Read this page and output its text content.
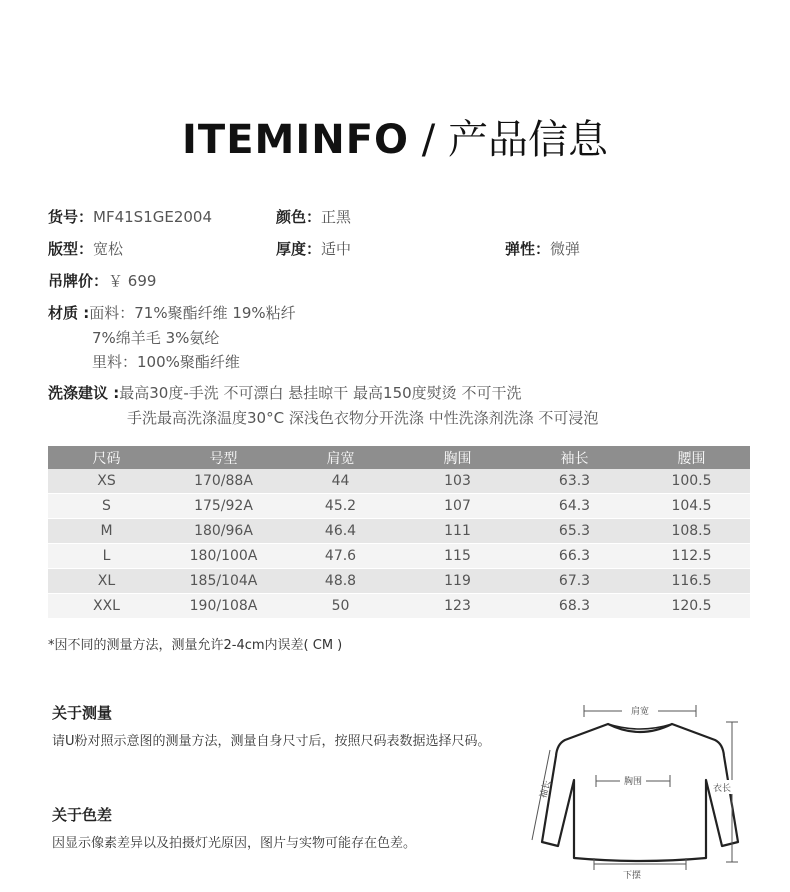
ITEMINFO / 产品信息
货号：MF41S1GE2004	颜色：正黑
版型：宽松	厚度：适中	弹性：微弹
吊牌价：￥ 699
材质 :面料：71%聚酯纤维 19%粘纤
7%绵羊毛 3%氨纶
里料：100%聚酯纤维
洗涤建议 :最高30度-手洗 不可漂白 悬挂晾干 最高150度熨烫 不可干洗
手洗最高洗涤温度30°C 深浅色衣物分开洗涤 中性洗涤剂洗涤 不可浸泡
尺码	号型	肩宽	胸围	袖长	腰围
XS	170/88A	44	103	63.3	100.5
S	175/92A	45.2	107	64.3	104.5
M	180/96A	46.4	111	65.3	108.5
L	180/100A	47.6	115	66.3	112.5
XL	185/104A	48.8	119	67.3	116.5
XXL	190/108A	50	123	68.3	120.5
*因不同的测量方法，测量允许2-4cm内误差( CM )
关于测量
请U粉对照示意图的测量方法，测量自身尺寸后，按照尺码表数据选择尺码。
关于色差
因显示像素差异以及拍摄灯光原因，图片与实物可能存在色差。
肩宽
胸围
袖长	衣长
下摆
